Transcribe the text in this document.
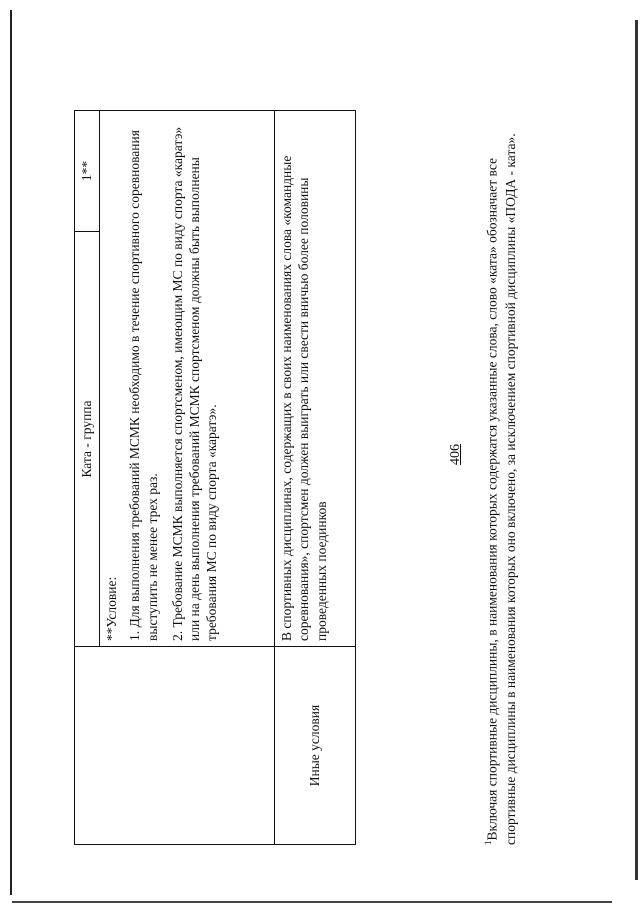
406
	Ката - группа	1**

	**Условие: 1. Для выполнения требований МСМК необходимо в течение спортивного соревнования выступить не менее трех раз. 2. Требование МСМК выполняется спортсменом, имеющим МС по виду спорта «каратэ» или на день выполнения требований МСМК спортсменом должны быть выполнены требования МС по виду спорта «каратэ».	

Иные условия	В спортивных дисциплинах, содержащих в своих наименованиях слова «командные соревнования», спортсмен должен выиграть или свести вничью более половины проведенных поединков	
$^1$Включая спортивные дисциплины, в наименования которых содержатся указанные слова, слово «ката» обозначает все спортивные дисциплины в наименования которых оно включено, за исключением спортивной дисциплины «ПОДА - ката».
